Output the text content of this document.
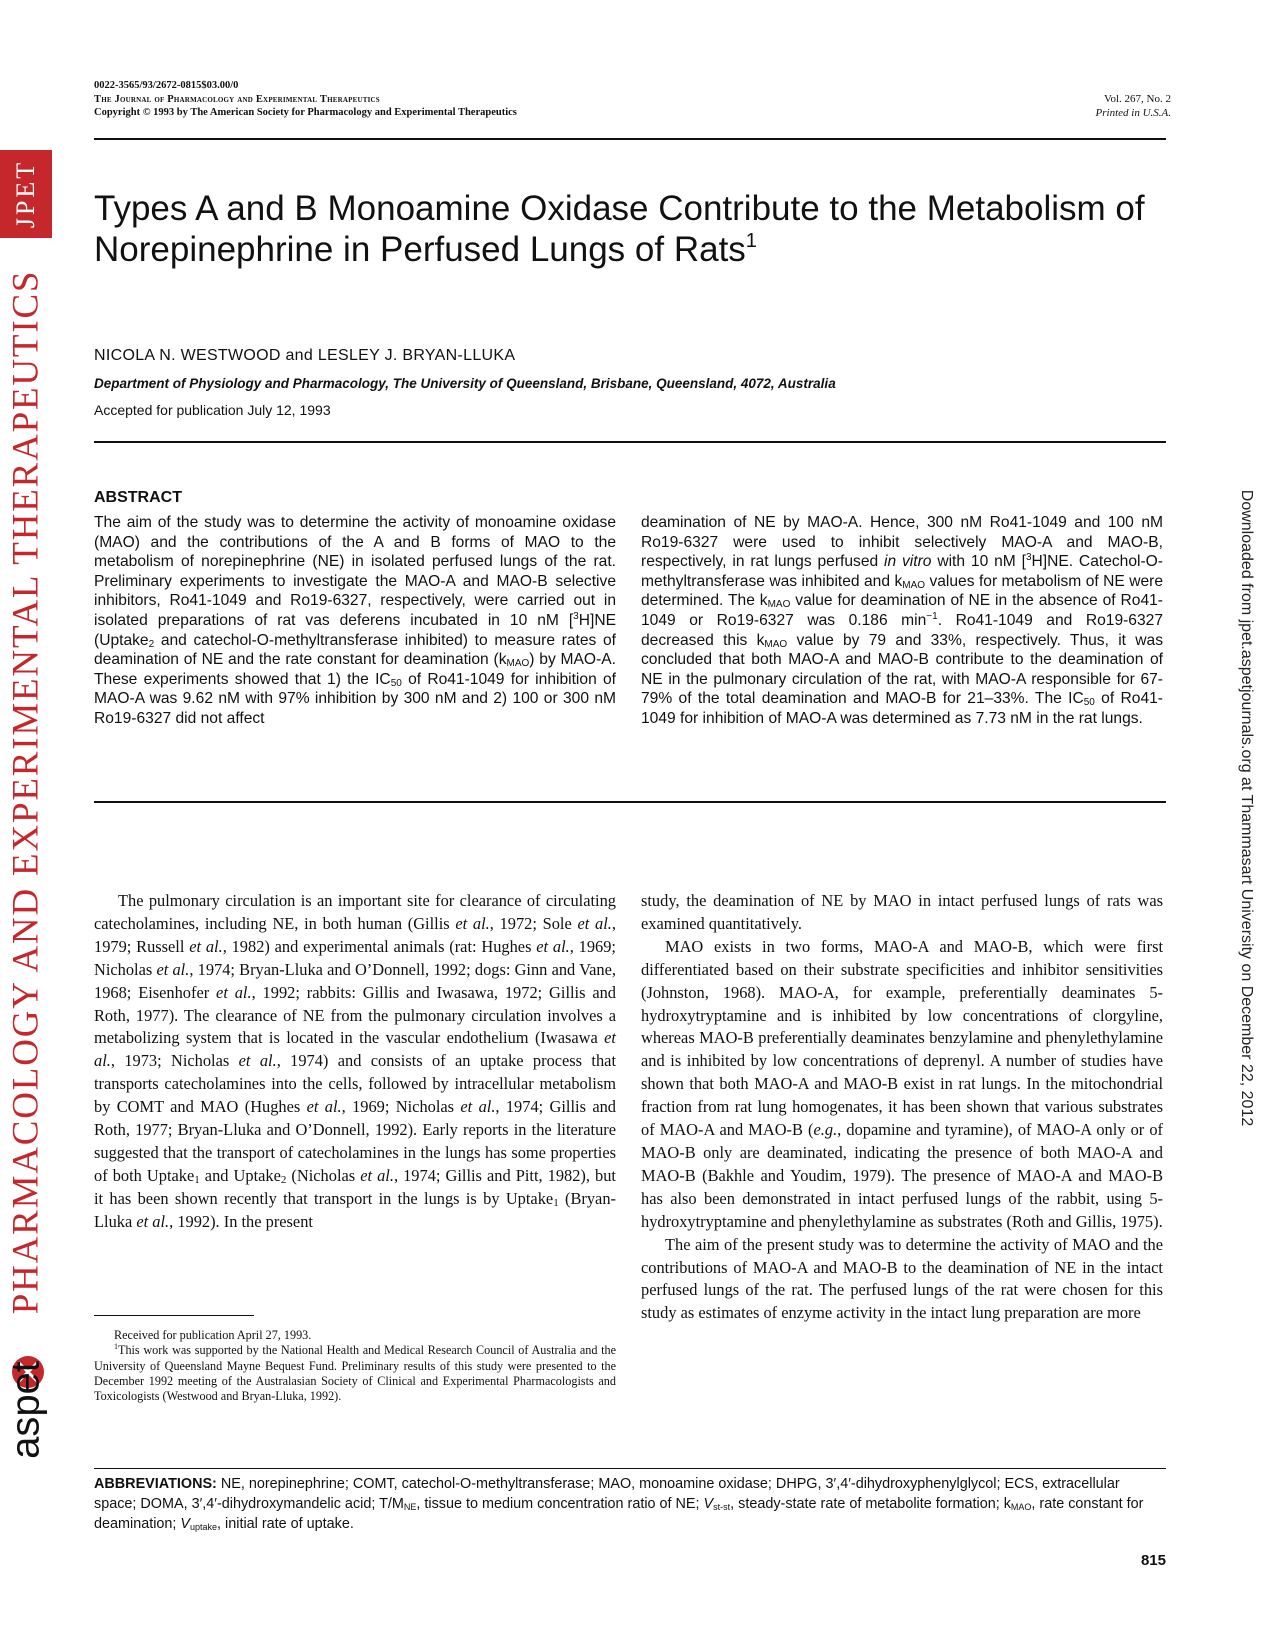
0022-3565/93/2672-0815$03.00/0
The Journal of Pharmacology and Experimental Therapeutics
Copyright © 1993 by The American Society for Pharmacology and Experimental Therapeutics
Vol. 267, No. 2
Printed in U.S.A.
Types A and B Monoamine Oxidase Contribute to the Metabolism of Norepinephrine in Perfused Lungs of Rats$^1$
NICOLA N. WESTWOOD and LESLEY J. BRYAN-LLUKA
Department of Physiology and Pharmacology, The University of Queensland, Brisbane, Queensland, 4072, Australia
Accepted for publication July 12, 1993
ABSTRACT
The aim of the study was to determine the activity of monoamine oxidase (MAO) and the contributions of the A and B forms of MAO to the metabolism of norepinephrine (NE) in isolated perfused lungs of the rat. Preliminary experiments to investigate the MAO-A and MAO-B selective inhibitors, Ro41-1049 and Ro19-6327, respectively, were carried out in isolated preparations of rat vas deferens incubated in 10 nM [$^3$H]NE (Uptake$_2$ and catechol-O-methyltransferase inhibited) to measure rates of deamination of NE and the rate constant for deamination $(k_{MAO})$ by MAO-A. These experiments showed that 1) the $IC_{50}$ of Ro41-1049 for inhibition of MAO-A was 9.62 nM with 97% inhibition by 300 nM and 2) 100 or 300 nM Ro19-6327 did not affect
deamination of NE by MAO-A. Hence, 300 nM Ro41-1049 and 100 nM Ro19-6327 were used to inhibit selectively MAO-A and MAO-B, respectively, in rat lungs perfused in vitro with 10 nM [$^3$H]NE. Catechol-O-methyltransferase was inhibited and $k_{MAO}$ values for metabolism of NE were determined. The $k_{MAO}$ value for deamination of NE in the absence of Ro41-1049 or Ro19-6327 was 0.186 $\min^{-1}$. Ro41-1049 and Ro19-6327 decreased this $k_{MAO}$ value by 79 and 33%, respectively. Thus, it was concluded that both MAO-A and MAO-B contribute to the deamination of NE in the pulmonary circulation of the rat, with MAO-A responsible for 67-79% of the total deamination and MAO-B for 21–33%. The $IC_{50}$ of Ro41-1049 for inhibition of MAO-A was determined as 7.73 nM in the rat lungs.

The pulmonary circulation is an important site for clearance of circulating catecholamines, including NE, in both human (Gillis et al., 1972; Sole et al., 1979; Russell et al., 1982) and experimental animals (rat: Hughes et al., 1969; Nicholas et al., 1974; Bryan-Lluka and O’Donnell, 1992; dogs: Ginn and Vane, 1968; Eisenhofer et al., 1992; rabbits: Gillis and Iwasawa, 1972; Gillis and Roth, 1977). The clearance of NE from the pulmonary circulation involves a metabolizing system that is located in the vascular endothelium (Iwasawa et al., 1973; Nicholas et al., 1974) and consists of an uptake process that transports catecholamines into the cells, followed by intracellular metabolism by COMT and MAO (Hughes et al., 1969; Nicholas et al., 1974; Gillis and Roth, 1977; Bryan-Lluka and O’Donnell, 1992). Early reports in the literature suggested that the transport of catecholamines in the lungs has some properties of both Uptake$_1$ and Uptake$_2$ (Nicholas et al., 1974; Gillis and Pitt, 1982), but it has been shown recently that transport in the lungs is by Uptake$_1$ (Bryan-Lluka et al., 1992). In the present

study, the deamination of NE by MAO in intact perfused lungs of rats was examined quantitatively.

MAO exists in two forms, MAO-A and MAO-B, which were first differentiated based on their substrate specificities and inhibitor sensitivities (Johnston, 1968). MAO-A, for example, preferentially deaminates 5-hydroxytryptamine and is inhibited by low concentrations of clorgyline, whereas MAO-B preferentially deaminates benzylamine and phenylethylamine and is inhibited by low concentrations of deprenyl. A number of studies have shown that both MAO-A and MAO-B exist in rat lungs. In the mitochondrial fraction from rat lung homogenates, it has been shown that various substrates of MAO-A and MAO-B (e.g., dopamine and tyramine), of MAO-A only or of MAO-B only are deaminated, indicating the presence of both MAO-A and MAO-B (Bakhle and Youdim, 1979). The presence of MAO-A and MAO-B has also been demonstrated in intact perfused lungs of the rabbit, using 5-hydroxytryptamine and phenylethylamine as substrates (Roth and Gillis, 1975).

The aim of the present study was to determine the activity of MAO and the contributions of MAO-A and MAO-B to the deamination of NE in the intact perfused lungs of the rat. The perfused lungs of the rat were chosen for this study as estimates of enzyme activity in the intact lung preparation are more

Received for publication April 27, 1993.

$^1$This work was supported by the National Health and Medical Research Council of Australia and the University of Queensland Mayne Bequest Fund. Preliminary results of this study were presented to the December 1992 meeting of the Australasian Society of Clinical and Experimental Pharmacologists and Toxicologists (Westwood and Bryan-Lluka, 1992).

ABBREVIATIONS: NE, norepinephrine; COMT, catechol-O-methyltransferase; MAO, monoamine oxidase; DHPG, 3′,4′-dihydroxyphenylglycol; ECS, extracellular space; DOMA, 3′,4′-dihydroxymandelic acid; $T/M_{NE}$, tissue to medium concentration ratio of NE; $V_{st-st}$, steady-state rate of metabolite formation; $k_{MAO}$, rate constant for deamination; $V_{uptake}$, initial rate of uptake.
815
JPET
PHARMACOLOGY AND EXPERIMENTAL THERAPEUTICS
aspet
Downloaded from jpet.aspetjournals.org at Thammasart University on December 22, 2012
